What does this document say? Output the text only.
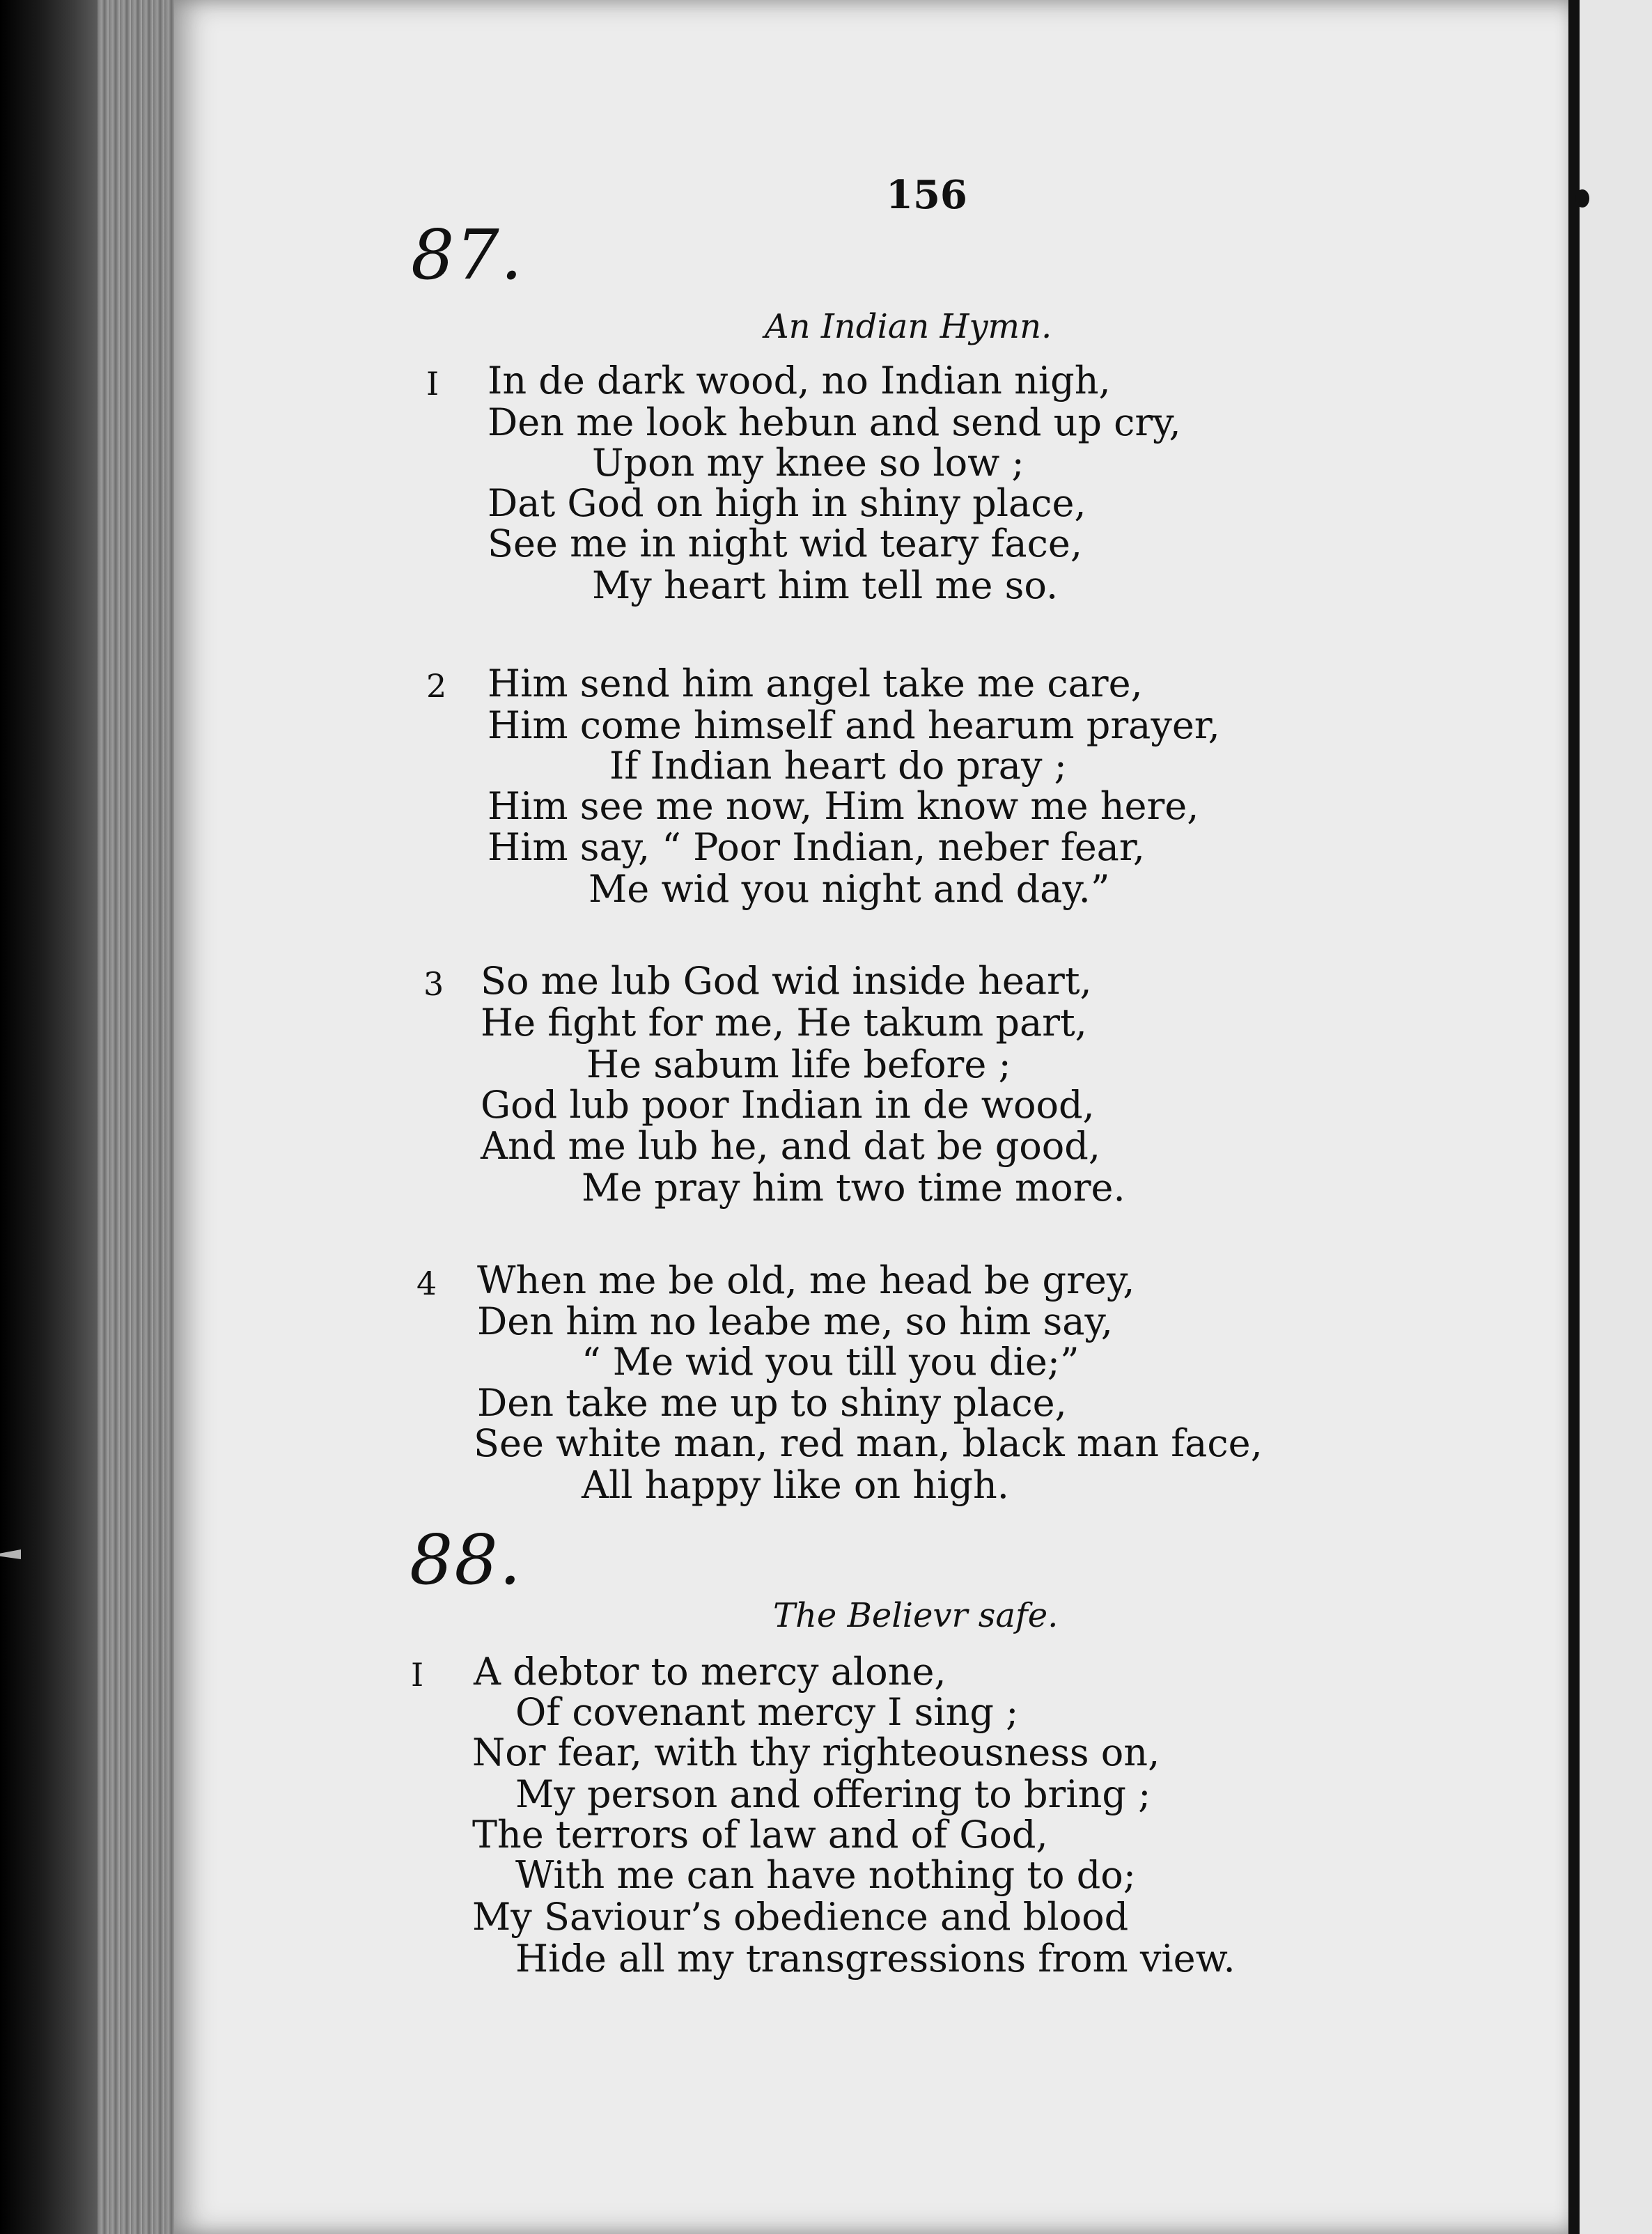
156
87.
An Indian Hymn.
I In de dark wood, no Indian nigh,
Den me look hebun and send up cry,
Upon my knee so low ;
Dat God on high in shiny place,
See me in night wid teary face,
My heart him tell me so.
2 Him send him angel take me care,
Him come himself and hearum prayer,
If Indian heart do pray ;
Him see me now, Him know me here,
Him say, “ Poor Indian, neber fear,
Me wid you night and day.”
3 So me lub God wid inside heart,
He fight for me, He takum part,
He sabum life before ;
God lub poor Indian in de wood,
And me lub he, and dat be good,
Me pray him two time more.
4 When me be old, me head be grey,
Den him no leabe me, so him say,
“ Me wid you till you die;”
Den take me up to shiny place,
See white man, red man, black man face,
All happy like on high.
88.
The Believr safe.
I A debtor to mercy alone,
Of covenant mercy I sing ;
Nor fear, with thy righteousness on,
My person and offering to bring ;
The terrors of law and of God,
With me can have nothing to do;
My Saviour’s obedience and blood
Hide all my transgressions from view.
